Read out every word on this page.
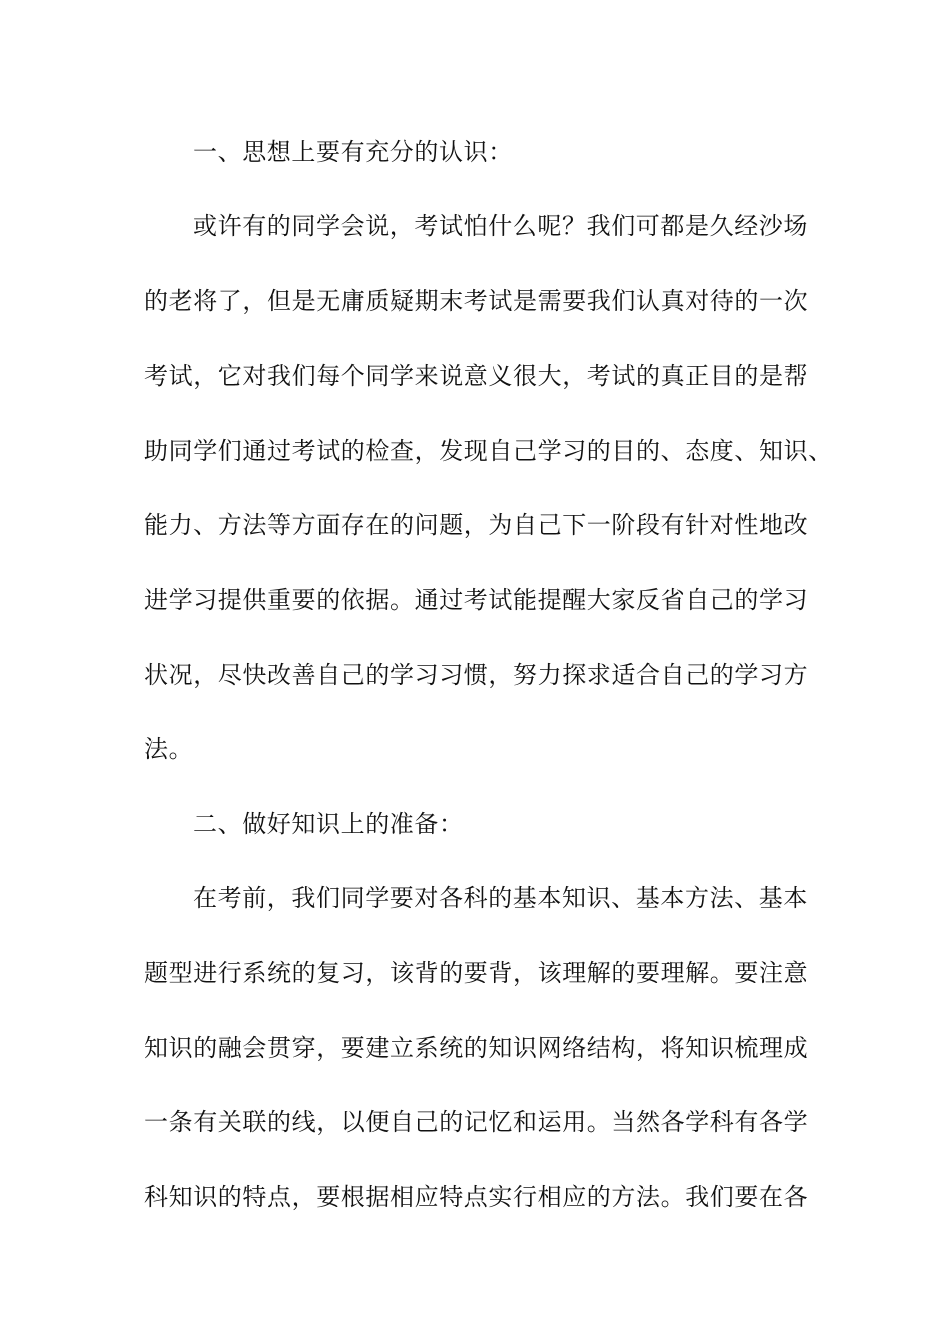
一、思想上要有充分的认识：
或许有的同学会说，考试怕什么呢？我们可都是久经沙场
的老将了，但是无庸质疑期末考试是需要我们认真对待的一次
考试，它对我们每个同学来说意义很大，考试的真正目的是帮
助同学们通过考试的检查，发现自己学习的目的、态度、知识、
能力、方法等方面存在的问题，为自己下一阶段有针对性地改
进学习提供重要的依据。通过考试能提醒大家反省自己的学习
状况，尽快改善自己的学习习惯，努力探求适合自己的学习方
法。
二、做好知识上的准备：
在考前，我们同学要对各科的基本知识、基本方法、基本
题型进行系统的复习，该背的要背，该理解的要理解。要注意
知识的融会贯穿，要建立系统的知识网络结构，将知识梳理成
一条有关联的线，以便自己的记忆和运用。当然各学科有各学
科知识的特点，要根据相应特点实行相应的方法。我们要在各
